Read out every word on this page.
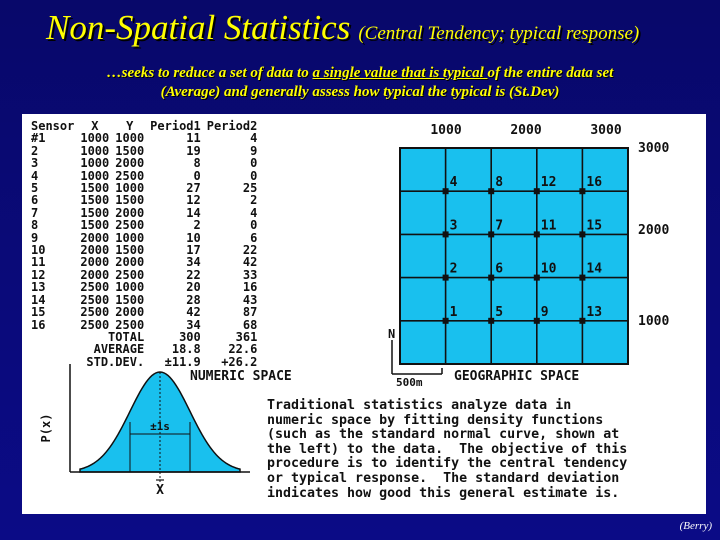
Non-Spatial Statistics (Central Tendency; typical response)
…seeks to reduce a set of data to a single value that is typical of the entire data set
(Average) and generally assess how typical the typical is (St.Dev)
Sensor	X	Y	Period1	Period2
#1	1000	1000	11	4
2	1000	1500	19	9
3	1000	2000	8	0
4	1000	2500	0	0
5	1500	1000	27	25
6	1500	1500	12	2
7	1500	2000	14	4
8	1500	2500	2	0
9	2000	1000	10	6
10	2000	1500	17	22
11	2000	2000	34	42
12	2000	2500	22	33
13	2500	1000	20	16
14	2500	1500	28	43
15	2500	2000	42	87
16	2500	2500	34	68
TOTAL			300	361
AVERAGE			18.8	22.6
STD.DEV.			±11.9	+26.2
1000	2000	3000
3000
2000
1000
4	8	12 16
3	7	11 15
2	6	10 14
1	5	9	13
N
500m GEOGRAPHIC SPACE
±1s
X
P(x)
NUMERIC SPACE
Traditional statistics analyze data in
numeric space by fitting density functions
(such as the standard normal curve, shown at
the left) to the data.  The objective of this
procedure is to identify the central tendency
or typical response.  The standard deviation
indicates how good this general estimate is.
(Berry)
